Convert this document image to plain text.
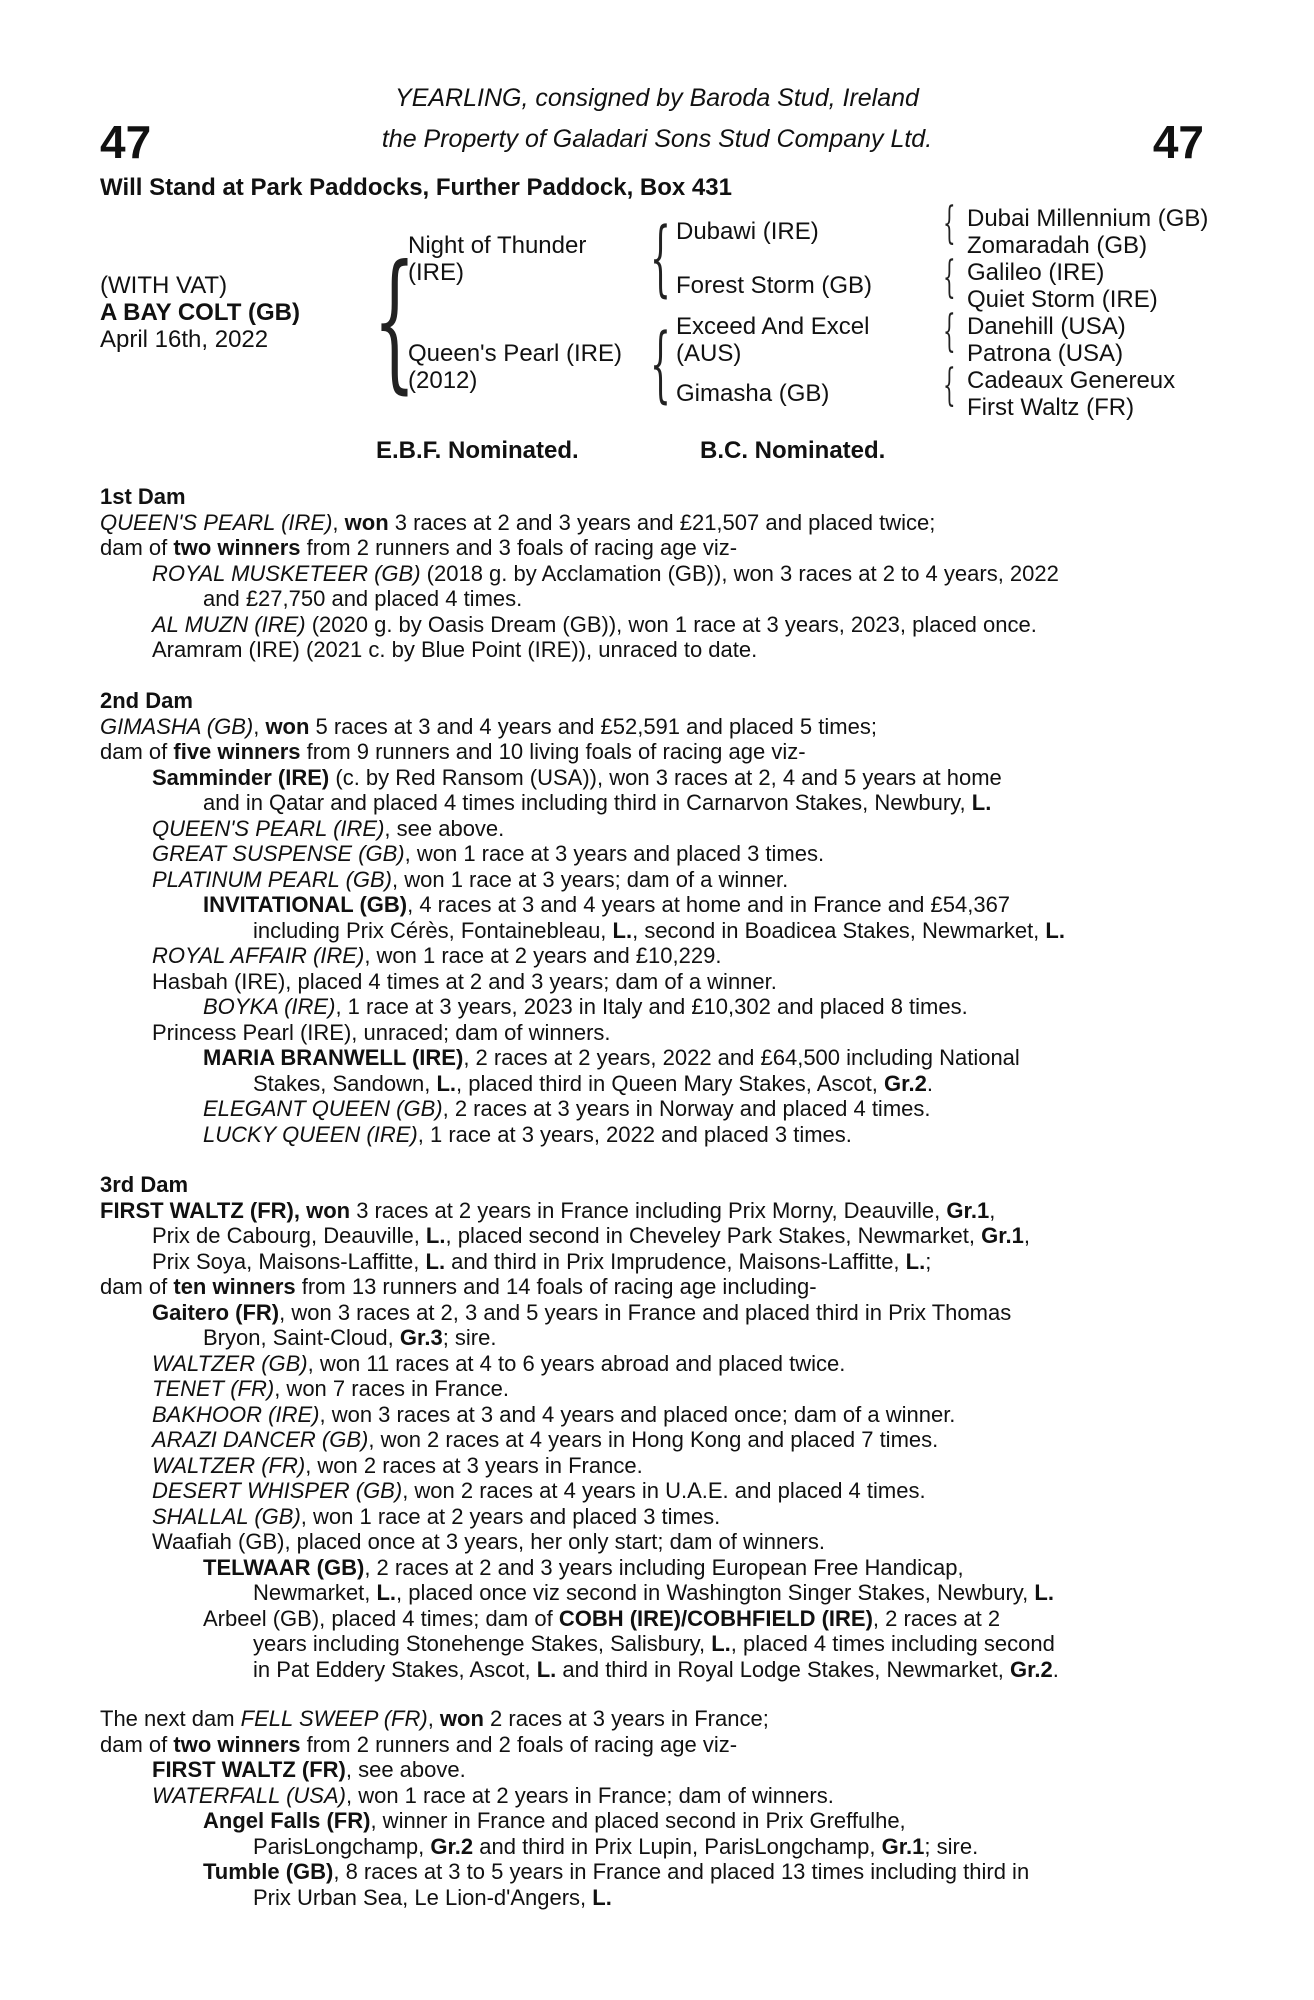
47	47
YEARLING, consigned by Baroda Stud, Ireland
the Property of Galadari Sons Stud Company Ltd.
Will Stand at Park Paddocks, Further Paddock, Box 431
(WITH VAT)
A BAY COLT (GB)
April 16th, 2022 {	{
{
{
{
{
{
Night of Thunder
(IRE)
Queen's Pearl (IRE)
(2012)
Dubawi (IRE)
Forest Storm (GB)
Exceed And Excel
(AUS)
Gimasha (GB)
Dubai Millennium (GB)
Zomaradah (GB)
Galileo (IRE)
Quiet Storm (IRE)
Danehill (USA)
Patrona (USA)
Cadeaux Genereux
First Waltz (FR)
E.B.F. Nominated.	B.C. Nominated.
1st Dam
QUEEN'S PEARL (IRE), won 3 races at 2 and 3 years and £21,507 and placed twice;
dam of two winners from 2 runners and 3 foals of racing age viz-
ROYAL MUSKETEER (GB) (2018 g. by Acclamation (GB)), won 3 races at 2 to 4 years, 2022
and £27,750 and placed 4 times.
AL MUZN (IRE) (2020 g. by Oasis Dream (GB)), won 1 race at 3 years, 2023, placed once.
Aramram (IRE) (2021 c. by Blue Point (IRE)), unraced to date.
2nd Dam
GIMASHA (GB), won 5 races at 3 and 4 years and £52,591 and placed 5 times;
dam of five winners from 9 runners and 10 living foals of racing age viz-
Samminder (IRE) (c. by Red Ransom (USA)), won 3 races at 2, 4 and 5 years at home
and in Qatar and placed 4 times including third in Carnarvon Stakes, Newbury, L.
QUEEN'S PEARL (IRE), see above.
GREAT SUSPENSE (GB), won 1 race at 3 years and placed 3 times.
PLATINUM PEARL (GB), won 1 race at 3 years; dam of a winner.
INVITATIONAL (GB), 4 races at 3 and 4 years at home and in France and £54,367
including Prix Cérès, Fontainebleau, L., second in Boadicea Stakes, Newmarket, L.
ROYAL AFFAIR (IRE), won 1 race at 2 years and £10,229.
Hasbah (IRE), placed 4 times at 2 and 3 years; dam of a winner.
BOYKA (IRE), 1 race at 3 years, 2023 in Italy and £10,302 and placed 8 times.
Princess Pearl (IRE), unraced; dam of winners.
MARIA BRANWELL (IRE), 2 races at 2 years, 2022 and £64,500 including National
Stakes, Sandown, L., placed third in Queen Mary Stakes, Ascot, Gr.2.
ELEGANT QUEEN (GB), 2 races at 3 years in Norway and placed 4 times.
LUCKY QUEEN (IRE), 1 race at 3 years, 2022 and placed 3 times.
3rd Dam
FIRST WALTZ (FR), won 3 races at 2 years in France including Prix Morny, Deauville, Gr.1,
Prix de Cabourg, Deauville, L., placed second in Cheveley Park Stakes, Newmarket, Gr.1,
Prix Soya, Maisons-Laffitte, L. and third in Prix Imprudence, Maisons-Laffitte, L.;
dam of ten winners from 13 runners and 14 foals of racing age including-
Gaitero (FR), won 3 races at 2, 3 and 5 years in France and placed third in Prix Thomas
Bryon, Saint-Cloud, Gr.3; sire.
WALTZER (GB), won 11 races at 4 to 6 years abroad and placed twice.
TENET (FR), won 7 races in France.
BAKHOOR (IRE), won 3 races at 3 and 4 years and placed once; dam of a winner.
ARAZI DANCER (GB), won 2 races at 4 years in Hong Kong and placed 7 times.
WALTZER (FR), won 2 races at 3 years in France.
DESERT WHISPER (GB), won 2 races at 4 years in U.A.E. and placed 4 times.
SHALLAL (GB), won 1 race at 2 years and placed 3 times.
Waafiah (GB), placed once at 3 years, her only start; dam of winners.
TELWAAR (GB), 2 races at 2 and 3 years including European Free Handicap,
Newmarket, L., placed once viz second in Washington Singer Stakes, Newbury, L.
Arbeel (GB), placed 4 times; dam of COBH (IRE)/COBHFIELD (IRE), 2 races at 2
years including Stonehenge Stakes, Salisbury, L., placed 4 times including second
in Pat Eddery Stakes, Ascot, L. and third in Royal Lodge Stakes, Newmarket, Gr.2.
The next dam FELL SWEEP (FR), won 2 races at 3 years in France;
dam of two winners from 2 runners and 2 foals of racing age viz-
FIRST WALTZ (FR), see above.
WATERFALL (USA), won 1 race at 2 years in France; dam of winners.
Angel Falls (FR), winner in France and placed second in Prix Greffulhe,
ParisLongchamp, Gr.2 and third in Prix Lupin, ParisLongchamp, Gr.1; sire.
Tumble (GB), 8 races at 3 to 5 years in France and placed 13 times including third in
Prix Urban Sea, Le Lion-d'Angers, L.
